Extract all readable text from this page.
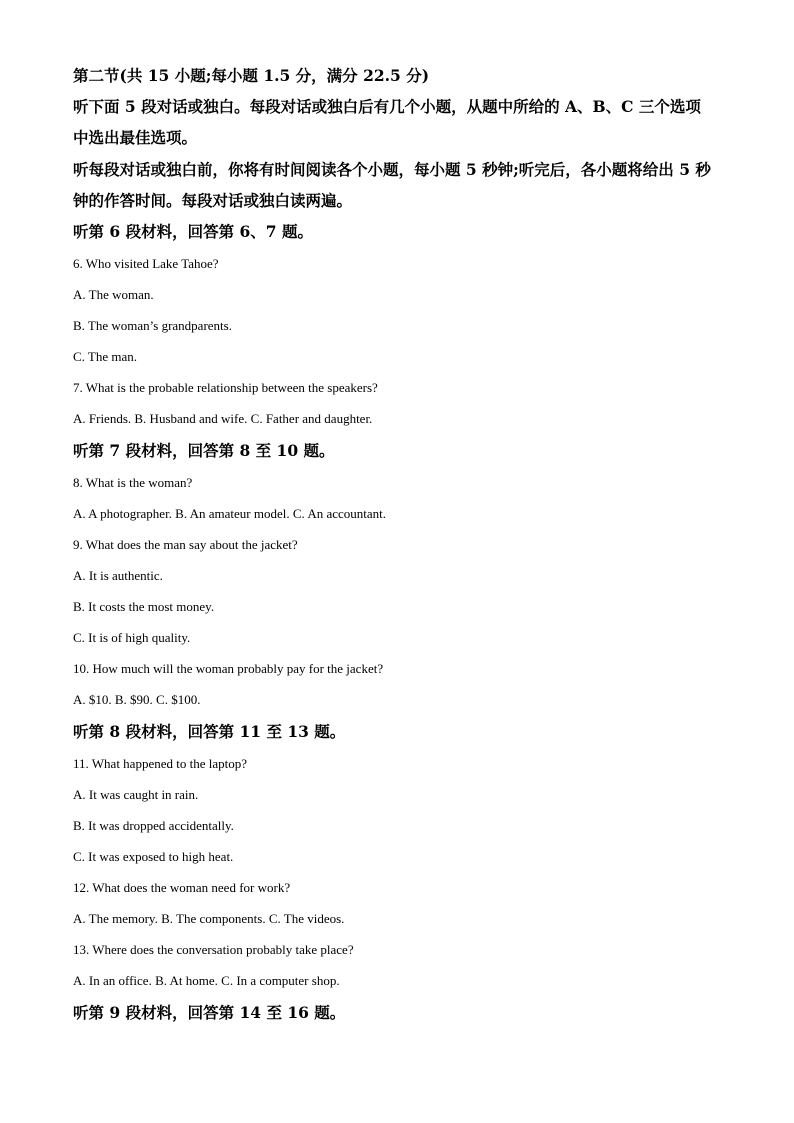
第二节(共 15 小题;每小题 1.5 分，满分 22.5 分)
听下面 5 段对话或独白。每段对话或独白后有几个小题，从题中所给的 A、B、C 三个选项
中选出最佳选项。
听每段对话或独白前，你将有时间阅读各个小题，每小题 5 秒钟;听完后，各小题将给出 5 秒
钟的作答时间。每段对话或独白读两遍。
听第 6 段材料，回答第 6、7 题。
6. Who visited Lake Tahoe?
A. The woman.
B. The woman’s grandparents.
C. The man.
7. What is the probable relationship between the speakers?
A. Friends. B. Husband and wife. C. Father and daughter.
听第 7 段材料，回答第 8 至 10 题。
8. What is the woman?
A. A photographer. B. An amateur model. C. An accountant.
9. What does the man say about the jacket?
A. It is authentic.
B. It costs the most money.
C. It is of high quality.
10. How much will the woman probably pay for the jacket?
A. $10. B. $90. C. $100.
听第 8 段材料，回答第 11 至 13 题。
11. What happened to the laptop?
A. It was caught in rain.
B. It was dropped accidentally.
C. It was exposed to high heat.
12. What does the woman need for work?
A. The memory. B. The components. C. The videos.
13. Where does the conversation probably take place?
A. In an office. B. At home. C. In a computer shop.
听第 9 段材料，回答第 14 至 16 题。
